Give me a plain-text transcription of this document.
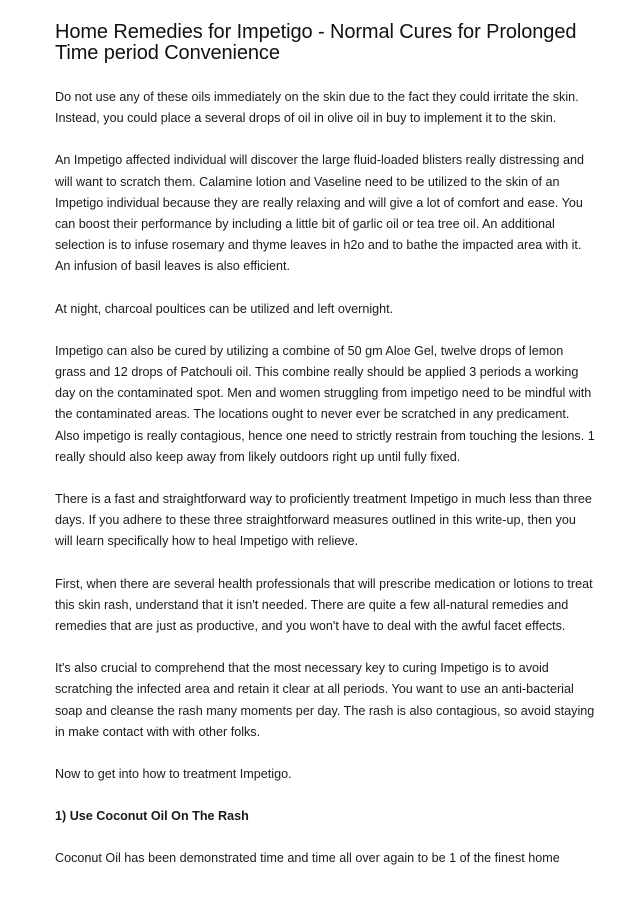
Home Remedies for Impetigo - Normal Cures for Prolonged Time period Convenience

Do not use any of these oils immediately on the skin due to the fact they could irritate the skin. Instead, you could place a several drops of oil in olive oil in buy to implement it to the skin.

An Impetigo affected individual will discover the large fluid-loaded blisters really distressing and will want to scratch them. Calamine lotion and Vaseline need to be utilized to the skin of an Impetigo individual because they are really relaxing and will give a lot of comfort and ease. You can boost their performance by including a little bit of garlic oil or tea tree oil. An additional selection is to infuse rosemary and thyme leaves in h2o and to bathe the impacted area with it. An infusion of basil leaves is also efficient.

At night, charcoal poultices can be utilized and left overnight.

Impetigo can also be cured by utilizing a combine of 50 gm Aloe Gel, twelve drops of lemon grass and 12 drops of Patchouli oil. This combine really should be applied 3 periods a working day on the contaminated spot. Men and women struggling from impetigo need to be mindful with the contaminated areas. The locations ought to never ever be scratched in any predicament. Also impetigo is really contagious, hence one need to strictly restrain from touching the lesions. 1 really should also keep away from likely outdoors right up until fully fixed.

There is a fast and straightforward way to proficiently treatment Impetigo in much less than three days. If you adhere to these three straightforward measures outlined in this write-up, then you will learn specifically how to heal Impetigo with relieve.

First, when there are several health professionals that will prescribe medication or lotions to treat this skin rash, understand that it isn't needed. There are quite a few all-natural remedies and remedies that are just as productive, and you won't have to deal with the awful facet effects.

It's also crucial to comprehend that the most necessary key to curing Impetigo is to avoid scratching the infected area and retain it clear at all periods. You want to use an anti-bacterial soap and cleanse the rash many moments per day. The rash is also contagious, so avoid staying in make contact with with other folks.

Now to get into how to treatment Impetigo.

1) Use Coconut Oil On The Rash

Coconut Oil has been demonstrated time and time all over again to be 1 of the finest home
